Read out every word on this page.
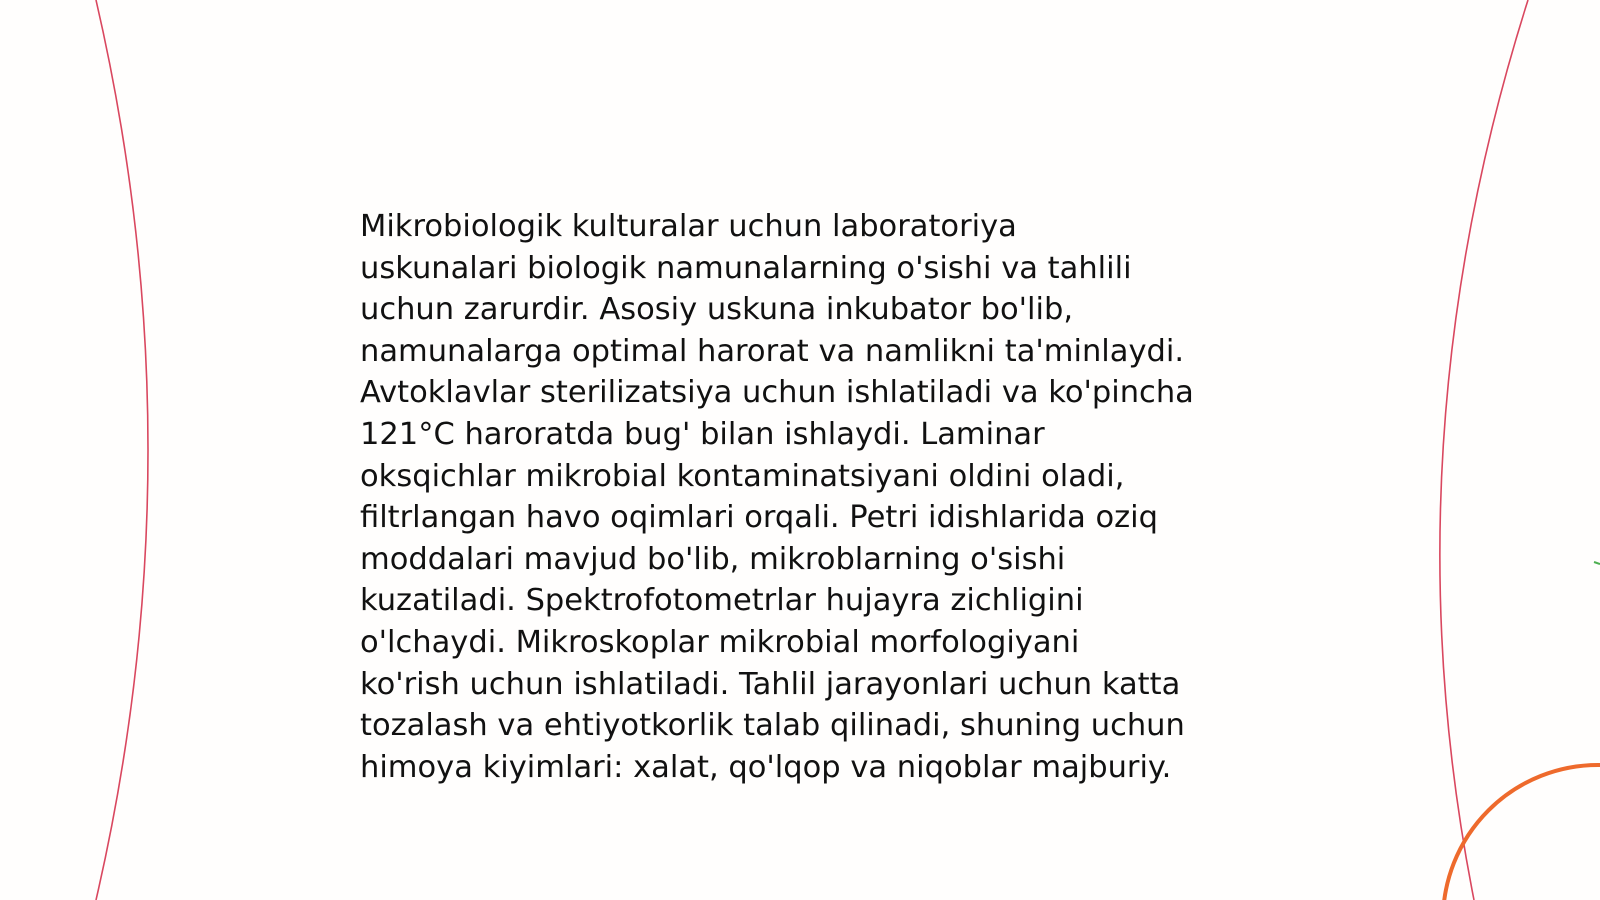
Mikrobiologik kulturalar uchun laboratoriya
uskunalari biologik namunalarning o'sishi va tahlili
uchun zarurdir. Asosiy uskuna inkubator bo'lib,
namunalarga optimal harorat va namlikni ta'minlaydi.
Avtoklavlar sterilizatsiya uchun ishlatiladi va ko'pincha
121°C haroratda bug' bilan ishlaydi. Laminar
oksqichlar mikrobial kontaminatsiyani oldini oladi,
filtrlangan havo oqimlari orqali. Petri idishlarida oziq
moddalari mavjud bo'lib, mikroblarning o'sishi
kuzatiladi. Spektrofotometrlar hujayra zichligini
o'lchaydi. Mikroskoplar mikrobial morfologiyani
ko'rish uchun ishlatiladi. Tahlil jarayonlari uchun katta
tozalash va ehtiyotkorlik talab qilinadi, shuning uchun
himoya kiyimlari: xalat, qo'lqop va niqoblar majburiy.
